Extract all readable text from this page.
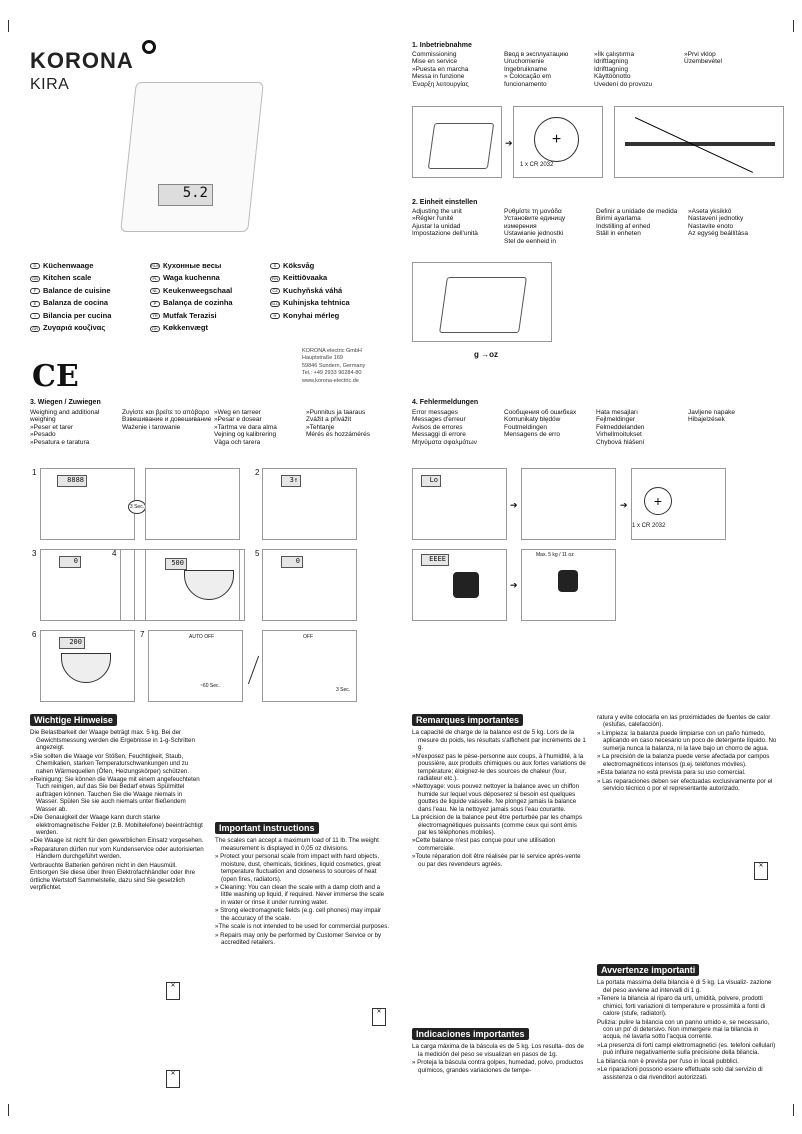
KORONA
KIRA
5.2
D Küchenwaage	RUS Кухонные весы	S Köksvåg
GB Kitchen scale	PL Waga kuchenna	FIN Keittiövaaka
F Balance de cuisine	NL Keukenweegschaal	CZ Kuchyňská váhá
E Balanza de cocina	P Balança de cozinha	SLO Kuhinjska tehtnica
I Bilancia per cucina	TR Mutfak Terazisi	H Konyhai mérleg
GR Ζυγαριά κουζίνας	DK Køkkenvægt
KORONA electric GmbH
Hauptstraße 169
59846 Sundern, Germany
Tel.: +49 2933 90284-80
www.korona-electric.de
CE
1. Inbetriebnahme
Commissioning
Mise en service
»Puesta en marcha
Messa in funzione
Έναρξη λειτουργίας
Ввод в эксплуатацию
Uruchomienie
Ingebruikname
» Colocação em funcionamento
»İlk çalıştırma
Idrifttagning
Idrifttagning
Käyttöönotto
Uvedení do provozu
»Prvi vklop
Üzembevétel
➔	+
1 x CR 2032
2. Einheit einstellen
Adjusting the unit
»Régler l'unité
Ajustar la unidad
Impostazione dell'unità
Ρυθμίστε τη μονάδα
Установите единицу измерения
Ustawianie jednostki
Stel de eenheid in
Definir a unidade de medida
Birimi ayarlama
Indstilling af enhed
Ställ in enheten
»Aseta yksikkö
Nastavení jednotky
Nastavite enoto
Az egység beállítása
g →oz
3. Wiegen / Zuwiegen
Weighing and additional weighing
»Peser et tarer
»Pesado
»Pesatura e taratura
Ζυγίστε και βρείτε το απόβαρο
Взвешивание и довешивание
Ważenie i tarowanie
»Weg en tarreer
»Pesar e dosear
»Tartma ve dara alma
Vejning og kalibrering
Väga och tarera
»Punnitus ja taaraus
Zvážit a přivážit
»Tehtanje
Mérés és hozzámérés
1
8888
3 Sec.
2
3↑
3
0
4
500
5
0
6
200
7	AUTO OFF
~60 Sec.
OFF
3 Sec.
4. Fehlermeldungen
Error messages
Messages d'erreur
Avisos de errores
Messaggi di errore
Μηνύματα σφαλμάτων
Сообщения об ошибках
Komunikaty błędów
Foutmeldingen
Mensagens de erro
Hata mesajları
Fejlmeldinger
Felmeddelanden
Virhellmoitukset
Chybová hlášení
Javljene napake
Hibajelzések
Lo
➔	➔	+
1 x CR 2032
EEEE
➔
Max. 5 kg / 11 oz
Wichtige Hinweise
Die Belastbarkeit der Waage beträgt max. 5 kg. Bei der Gewichtsmessung werden die Ergebnisse in 1-g-Schritten angezeigt.
»Sie sollten die Waage vor Stößen, Feuchtigkeit, Staub, Chemikalien, starken Temperaturschwankungen und zu nahen Wärmequellen (Öfen, Heizungskörper) schützen.
»Reinigung: Sie können die Waage mit einem angefeuchteten Tuch reinigen, auf das Sie bei Bedarf etwas Spülmittel auftragen können. Tauchen Sie die Waage niemals in Wasser. Spülen Sie sie auch niemals unter fließendem Wasser ab.
»Die Genauigkeit der Waage kann durch starke elektromagnetische Felder (z.B. Mobiltelefone) beeinträchtigt werden.
»Die Waage ist nicht für den gewerblichen Einsatz vorgesehen.
»Reparaturen dürfen nur vom Kundenservice oder autorisierten Händlern durchgeführt werden.

Verbrauchte Batterien gehören nicht in den Hausmüll. Entsorgen Sie diese über Ihren Elektrofachhändler oder Ihre örtliche Wertstoff Sammelstelle, dazu sind Sie gesetzlich verpflichtet.

Important instructions
The scales can accept a maximum load of 11 lb. The weight measurement is displayed in 0,05 oz divisions.
» Protect your personal scale from impact with hard objects, moisture, dust, chemicals, ticklines, liquid cosmetics, great temperature fluctuation and closeness to sources of heat (open fires, radiators).
» Cleaning: You can clean the scale with a damp cloth and a little washing up liquid, if required. Never immerse the scale in water or rinse it under running water.
» Strong electromagnetic fields (e.g. cell phones) may impair the accuracy of the scale.
»The scale is not intended to be used for commercial purposes.
» Repairs may only be performed by Customer Service or by accredited retailers.
Remarques importantes
La capacité de charge de la balance est de 5 kg. Lors de la mesure du poids, les résultats s'affichent par incréments de 1 g.
»N'exposez pas le pèse-personne aux coups, à l'humidité, à la poussière, aux produits chimiques ou aux fortes variations de température; éloignez-le des sources de chaleur (four, radiateur etc.).
»Nettoyage: vous pouvez nettoyer la balance avec un chiffon humide sur lequel vous déposerez si besoin est quelques gouttes de liquide vaisselle. Ne plongez jamais la balance dans l'eau. Ne la nettoyez jamais sous l'eau courante.
La précision de la balance peut être perturbée par les champs électromagnétiques puissants (comme ceux qui sont émis par les téléphones mobiles).
»Cette balance n'est pas conçue pour une utilisation commerciale.
»Toute réparation doit être réalisée par le service après-vente ou par des revendeurs agréés.
Indicaciones importantes
La carga máxima de la báscula es de 5 kg. Los resulta- dos de la medición del peso se visualizan en pasos de 1g.
» Proteja la báscula contra golpes, humedad, polvo, productos químicos, grandes variaciones de tempe-
ratura y evite colocarla en las proximidades de fuentes de calor (estufas, calefacción).
» Limpieza: la balanza puede limpiarse con un paño húmedo, aplicando en caso necesario un poco de detergente líquido. No sumerja nunca la balanza, ni la lave bajo un chorro de agua.
» La precisión de la balanza puede verse afectada por campos electromagnéticos intensos (p.ej. teléfonos móviles).
»Esta balanza no está prevista para su uso comercial.
» Las reparaciones deben ser efectuadas exclusivamente por el servicio técnico o por el representante autorizado.
Avvertenze importanti
La portata massima della bilancia è di 5 kg. La visualiz- zazione del peso avviene ad intervalli di 1 g.
»Tenere la bilancia al riparo da urti, umidità, polvere, prodotti chimici, forti variazioni di temperature e prossimità a fonti di calore (stufe, radiatori).
Pulizia: pulire la bilancia con un panno umido e, se necessario, con un po' di detersivo. Non immergere mai la bilancia in acqua, né lavarla sotto l'acqua corrente.
»La presenza di forti campi elettromagnetici (es. telefoni cellulari) può influire negativamente sulla precisione della bilancia.
La bilancia non è prevista per l'uso in locali pubblici.
»Le riparazioni possono essere effettuate solo dal servizio di assistenza o dai rivenditori autorizzati.
✕
✕
✕
✕
